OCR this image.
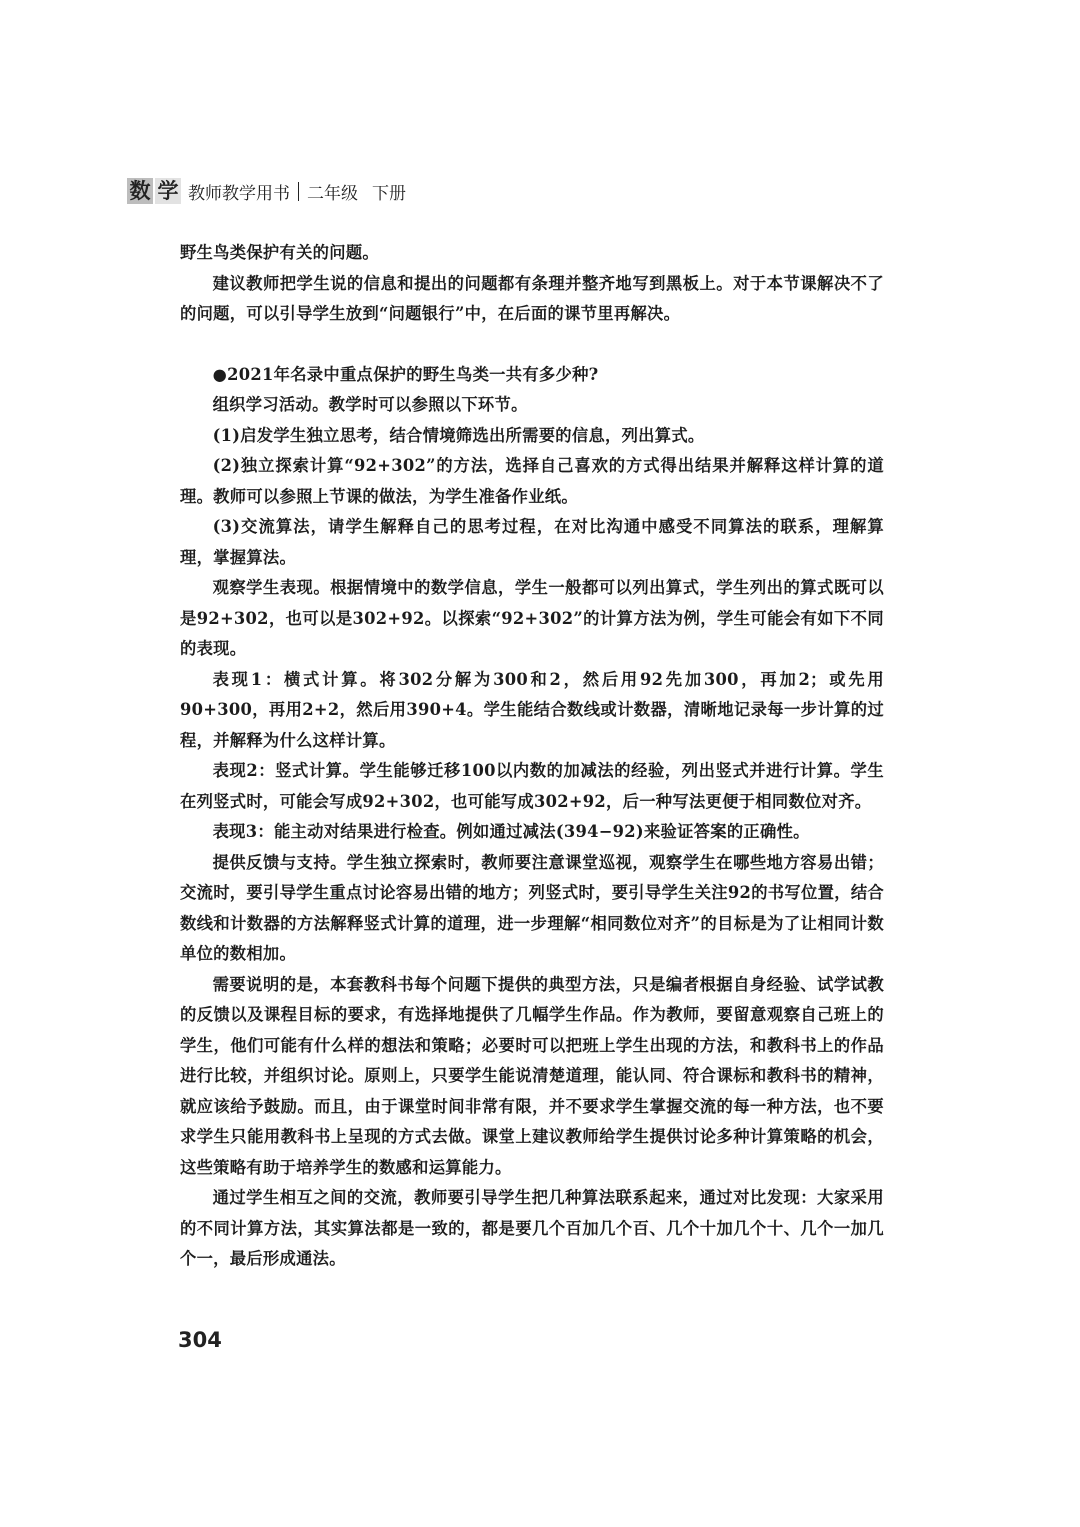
数 学 教师教学用书 二年级 下册

野生鸟类保护有关的问题。

建议教师把学生说的信息和提出的问题都有条理并整齐地写到黑板上。对于本节课解决不了的问题，可以引导学生放到“问题银行”中，在后面的课节里再解决。

●2021年名录中重点保护的野生鸟类一共有多少种?

组织学习活动。教学时可以参照以下环节。

(1)启发学生独立思考，结合情境筛选出所需要的信息，列出算式。

(2)独立探索计算“92+302”的方法，选择自己喜欢的方式得出结果并解释这样计算的道理。教师可以参照上节课的做法，为学生准备作业纸。

(3)交流算法，请学生解释自己的思考过程，在对比沟通中感受不同算法的联系，理解算理，掌握算法。

观察学生表现。根据情境中的数学信息，学生一般都可以列出算式，学生列出的算式既可以是92+302，也可以是302+92。以探索“92+302”的计算方法为例，学生可能会有如下不同的表现。

表现1：横式计算。将302分解为300和2，然后用92先加300，再加2；或先用90+300，再用2+2，然后用390+4。学生能结合数线或计数器，清晰地记录每一步计算的过程，并解释为什么这样计算。

表现2：竖式计算。学生能够迁移100以内数的加减法的经验，列出竖式并进行计算。学生在列竖式时，可能会写成92+302，也可能写成302+92，后一种写法更便于相同数位对齐。

表现3：能主动对结果进行检查。例如通过减法(394−92)来验证答案的正确性。

提供反馈与支持。学生独立探索时，教师要注意课堂巡视，观察学生在哪些地方容易出错；交流时，要引导学生重点讨论容易出错的地方；列竖式时，要引导学生关注92的书写位置，结合数线和计数器的方法解释竖式计算的道理，进一步理解“相同数位对齐”的目标是为了让相同计数单位的数相加。

需要说明的是，本套教科书每个问题下提供的典型方法，只是编者根据自身经验、试学试教的反馈以及课程目标的要求，有选择地提供了几幅学生作品。作为教师，要留意观察自己班上的学生，他们可能有什么样的想法和策略；必要时可以把班上学生出现的方法，和教科书上的作品进行比较，并组织讨论。原则上，只要学生能说清楚道理，能认同、符合课标和教科书的精神，就应该给予鼓励。而且，由于课堂时间非常有限，并不要求学生掌握交流的每一种方法，也不要求学生只能用教科书上呈现的方式去做。课堂上建议教师给学生提供讨论多种计算策略的机会，这些策略有助于培养学生的数感和运算能力。

通过学生相互之间的交流，教师要引导学生把几种算法联系起来，通过对比发现：大家采用的不同计算方法，其实算法都是一致的，都是要几个百加几个百、几个十加几个十、几个一加几个一，最后形成通法。

304
